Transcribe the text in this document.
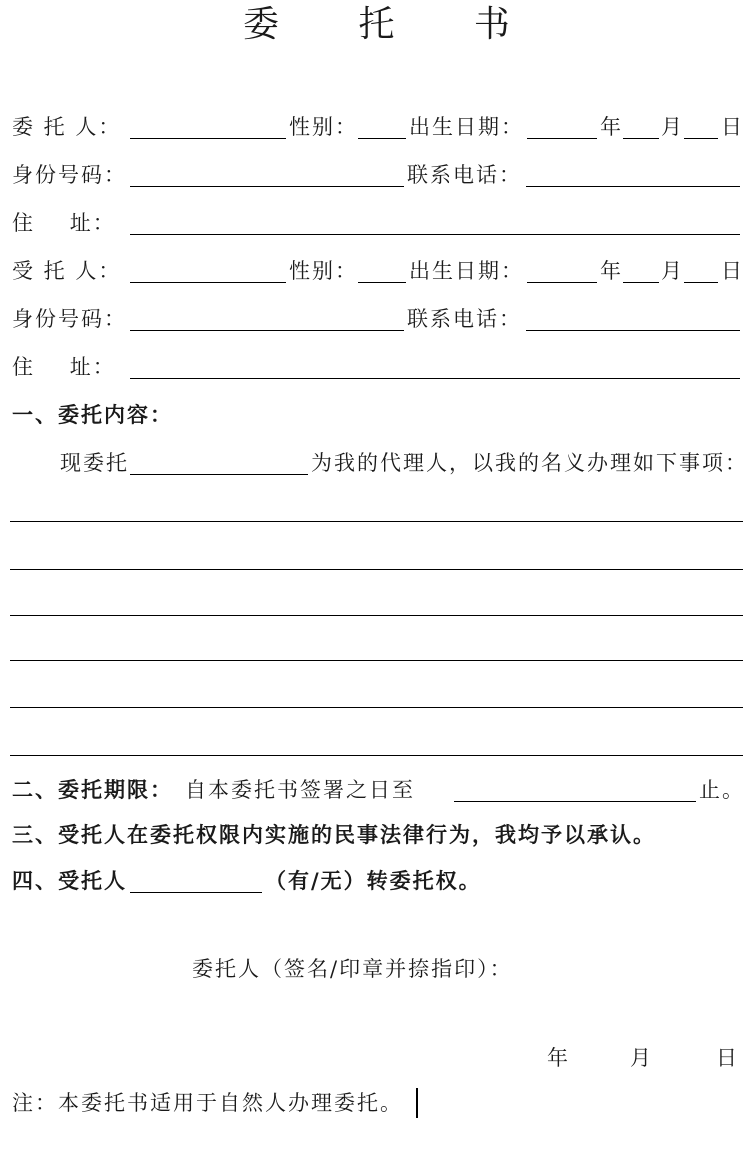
委 托 书
委 托 人：	性别： 出生日期：	年 月 日
身份号码：	联系电话：
住    址：
受 托 人：	性别： 出生日期：	年 月 日
身份号码：	联系电话：
住    址：
一、委托内容：
现委托	为我的代理人，以我的名义办理如下事项：
二、委托期限： 自本委托书签署之日至	止。
三、受托人在委托权限内实施的民事法律行为，我均予以承认。
四、受托人	（有/无）转委托权。
委托人（签名/印章并捺指印）：
年	月	日
注：本委托书适用于自然人办理委托。
